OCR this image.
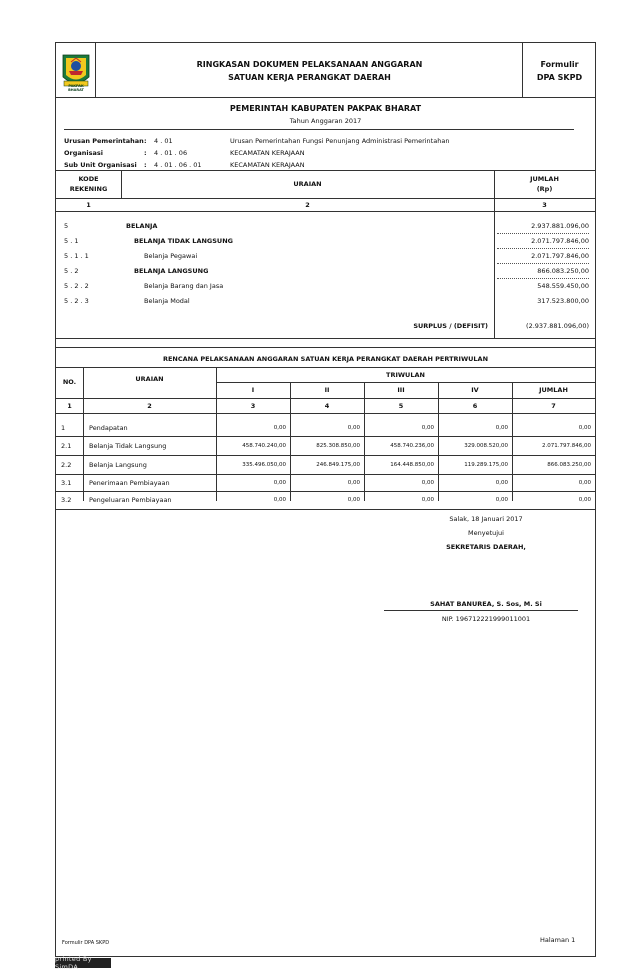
RINGKASAN DOKUMEN PELAKSANAAN ANGGARAN
SATUAN KERJA PERANGKAT DAERAH
Formulir
DPA SKPD
PEMERINTAH KABUPATEN PAKPAK BHARAT
Tahun Anggaran 2017
Urusan Pemerintahan :	4 . 01	Urusan Pemerintahan Fungsi Penunjang Administrasi Pemerintahan
Organisasi	:	4 . 01 . 06	KECAMATAN KERAJAAN
Sub Unit Organisasi	:	4 . 01 . 06 . 01	KECAMATAN KERAJAAN
KODE
REKENING
URAIAN
JUMLAH
(Rp)
1	2	3
5	BELANJA	2.937.881.096,00
5 . 1	BELANJA TIDAK LANGSUNG	2.071.797.846,00
5 . 1 . 1	Belanja Pegawai	2.071.797.846,00
5 . 2	BELANJA LANGSUNG	866.083.250,00
5 . 2 . 2	Belanja Barang dan Jasa	548.559.450,00
5 . 2 . 3	Belanja Modal	317.523.800,00
SURPLUS / (DEFISIT)	(2.937.881.096,00)
RENCANA PELAKSANAAN ANGGARAN SATUAN KERJA PERANGKAT DAERAH PERTRIWULAN
NO.	URAIAN
TRIWULAN
I	II	III	IV	JUMLAH
1	2	3	4	5	6	7
1	Pendapatan	0,00	0,00	0,00	0,00	0,00
2.1	Belanja Tidak Langsung	458.740.240,00	825.308.850,00	458.740.236,00	329.008.520,00	2.071.797.846,00
2.2	Belanja Langsung	335.496.050,00	246.849.175,00	164.448.850,00	119.289.175,00	866.083.250,00
3.1	Penerimaan Pembiayaan	0,00	0,00	0,00	0,00	0,00
3.2	Pengeluaran Pembiayaan	0,00	0,00	0,00	0,00	0,00
Salak, 18 Januari 2017
Menyetujui
SEKRETARIS DAERAH,
SAHAT BANUREA, S. Sos, M. Si
NIP. 196712221999011001
PAKPAK BHARAT
Formulir DPA SKPD	Halaman 1
printed By SimDA
